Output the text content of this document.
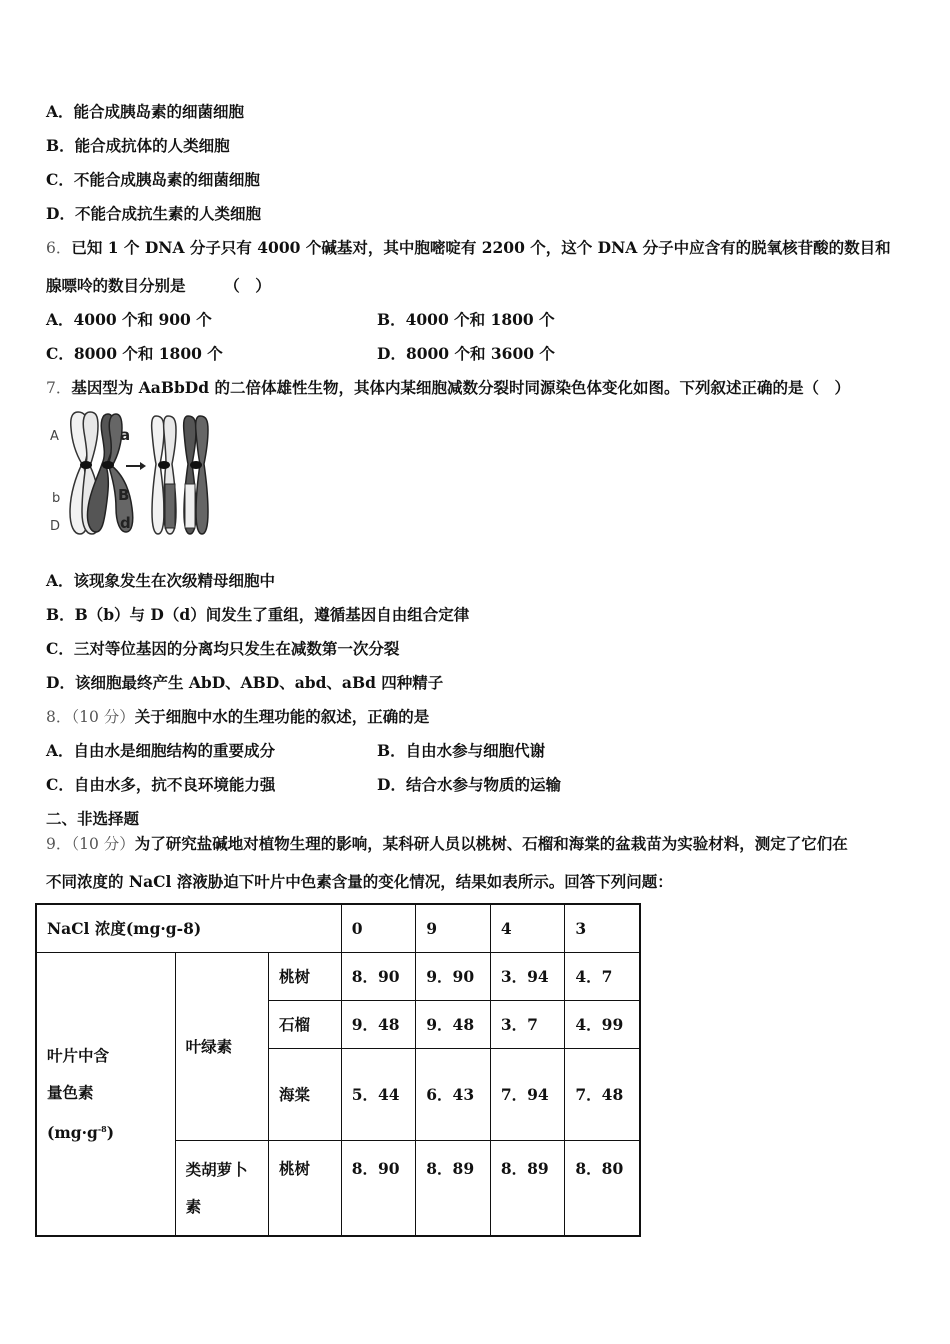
A．能合成胰岛素的细菌细胞
B．能合成抗体的人类细胞
C．不能合成胰岛素的细菌细胞
D．不能合成抗生素的人类细胞
6．已知 1 个 DNA 分子只有 4000 个碱基对，其中胞嘧啶有 2200 个，这个 DNA 分子中应含有的脱氧核苷酸的数目和
腺嘌呤的数目分别是　　　（　）
A．4000 个和 900 个	B．4000 个和 1800 个
C．8000 个和 1800 个	D．8000 个和 3600 个
7．基因型为 AaBbDd 的二倍体雄性生物，其体内某细胞减数分裂时同源染色体变化如图。下列叙述正确的是（　）
A	a
b	B
D	d
A．该现象发生在次级精母细胞中
B．B（b）与 D（d）间发生了重组，遵循基因自由组合定律
C．三对等位基因的分离均只发生在减数第一次分裂
D．该细胞最终产生 AbD、ABD、abd、aBd 四种精子
8．（10 分）关于细胞中水的生理功能的叙述，正确的是
A．自由水是细胞结构的重要成分	B．自由水参与细胞代谢
C．自由水多，抗不良环境能力强	D．结合水参与物质的运输
二、非选择题
9．（10 分）为了研究盐碱地对植物生理的影响，某科研人员以桃树、石榴和海棠的盆栽苗为实验材料，测定了它们在
不同浓度的 NaCl 溶液胁迫下叶片中色素含量的变化情况，结果如表所示。回答下列问题：
NaCl 浓度(mg·g-8)			0	9	4	3

叶片中含
量色素
$(mg\cdot g^{-8})$	叶绿素	桃树	8．90	9．90	3．94	4．7
		石榴	9．48	9．48	3．7	4．99
		海棠	5．44	6．43	7．94	7．48

	类胡萝卜
素	桃树	8．90	8．89	8．89	8．80
